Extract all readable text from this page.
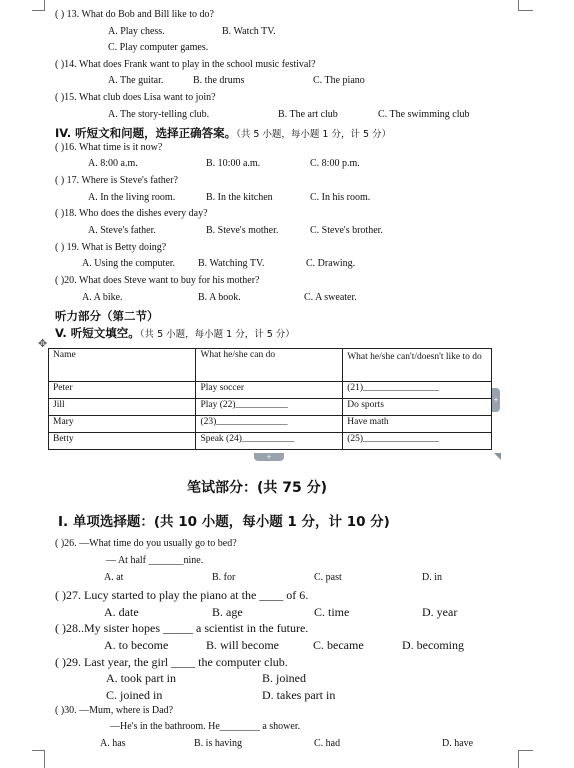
( ) 13. What do Bob and Bill like to do?
A. Play chess.	B. Watch TV.
C. Play computer games.
( )14. What does Frank want to play in the school music festival?
A. The guitar.	B. the drums	C. The piano
( )15. What club does Lisa want to join?
A. The story-telling club.	B. The art club	C. The swimming club
IV. 听短文和问题，选择正确答案。（共 5 小题，每小题 1 分，计 5 分）
( )16. What time is it now?
A. 8:00 a.m.	B. 10:00 a.m.	C. 8:00 p.m.
( ) 17. Where is Steve's father?
A. In the living room.	B. In the kitchen	C. In his room.
( )18. Who does the dishes every day?
A. Steve's father.	B. Steve's mother.	C. Steve's brother.
( ) 19. What is Betty doing?
A. Using the computer. B. Watching TV.	C. Drawing.
( )20. What does Steve want to buy for his mother?
A. A bike.	B. A book.	C. A sweater.
听力部分（第二节）
V. 听短文填空。（共 5 小题，每小题 1 分，计 5 分）
✥
Name	What he/she can do	What he/she can't/doesn't like to do
Peter	Play soccer	(21)________________
Jill	Play (22)___________	Do sports
Mary	(23)_______________	Have math
Betty	Speak (24)___________	(25)________________
+
+
笔试部分：(共 75 分)
I. 单项选择题：(共 10 小题，每小题 1 分，计 10 分)
( )26. —What time do you usually go to bed?
— At half _______nine.
A. at	B. for	C. past	D. in
( )27. Lucy started to play the piano at the ____ of 6.
A. date	B. age	C. time	D. year
( )28..My sister hopes _____ a scientist in the future.
A. to become	B. will become	C. became	D. becoming
( )29. Last year, the girl ____ the computer club.
A. took part in	B. joined
C. joined in	D. takes part in
( )30. —Mum, where is Dad?
—He's in the bathroom. He________ a shower.
A. has	B. is having	C. had	D. have
